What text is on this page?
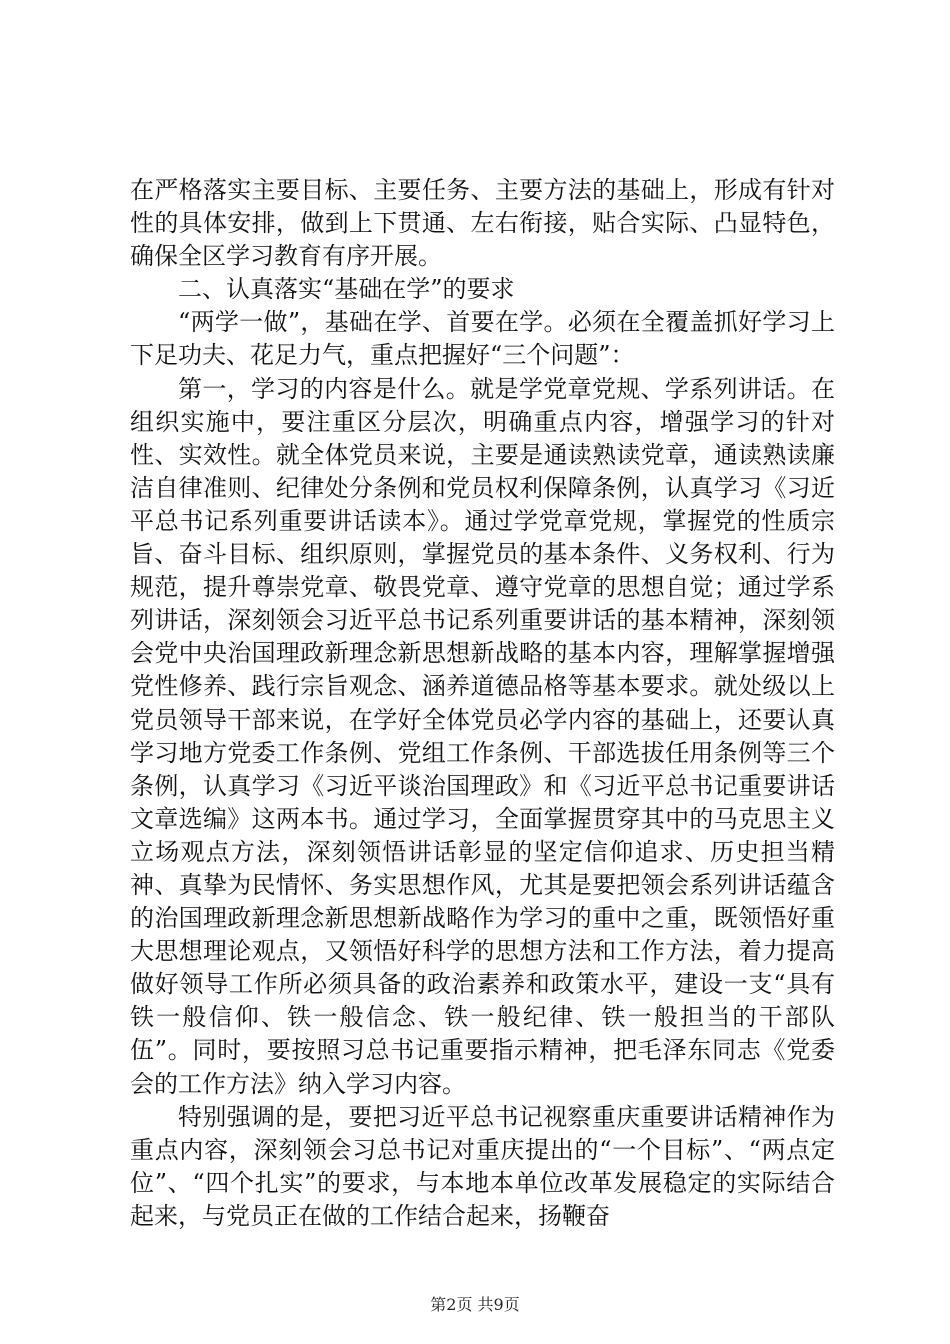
在严格落实主要目标、主要任务、主要方法的基础上，形成有针对性的具体安排，做到上下贯通、左右衔接，贴合实际、凸显特色，确保全区学习教育有序开展。

二、认真落实“基础在学”的要求

“两学一做”，基础在学、首要在学。必须在全覆盖抓好学习上下足功夫、花足力气，重点把握好“三个问题”：

第一，学习的内容是什么。就是学党章党规、学系列讲话。在组织实施中，要注重区分层次，明确重点内容，增强学习的针对性、实效性。就全体党员来说，主要是通读熟读党章，通读熟读廉洁自律准则、纪律处分条例和党员权利保障条例，认真学习《习近平总书记系列重要讲话读本》。通过学党章党规，掌握党的性质宗旨、奋斗目标、组织原则，掌握党员的基本条件、义务权利、行为规范，提升尊崇党章、敬畏党章、遵守党章的思想自觉；通过学系列讲话，深刻领会习近平总书记系列重要讲话的基本精神，深刻领会党中央治国理政新理念新思想新战略的基本内容，理解掌握增强党性修养、践行宗旨观念、涵养道德品格等基本要求。就处级以上党员领导干部来说，在学好全体党员必学内容的基础上，还要认真学习地方党委工作条例、党组工作条例、干部选拔任用条例等三个条例，认真学习《习近平谈治国理政》和《习近平总书记重要讲话文章选编》这两本书。通过学习，全面掌握贯穿其中的马克思主义立场观点方法，深刻领悟讲话彰显的坚定信仰追求、历史担当精神、真挚为民情怀、务实思想作风，尤其是要把领会系列讲话蕴含的治国理政新理念新思想新战略作为学习的重中之重，既领悟好重大思想理论观点，又领悟好科学的思想方法和工作方法，着力提高做好领导工作所必须具备的政治素养和政策水平，建设一支“具有铁一般信仰、铁一般信念、铁一般纪律、铁一般担当的干部队伍”。同时，要按照习总书记重要指示精神，把毛泽东同志《党委会的工作方法》纳入学习内容。

特别强调的是，要把习近平总书记视察重庆重要讲话精神作为重点内容，深刻领会习总书记对重庆提出的“一个目标”、“两点定位”、“四个扎实”的要求，与本地本单位改革发展稳定的实际结合起来，与党员正在做的工作结合起来，扬鞭奋

第2页 共9页
